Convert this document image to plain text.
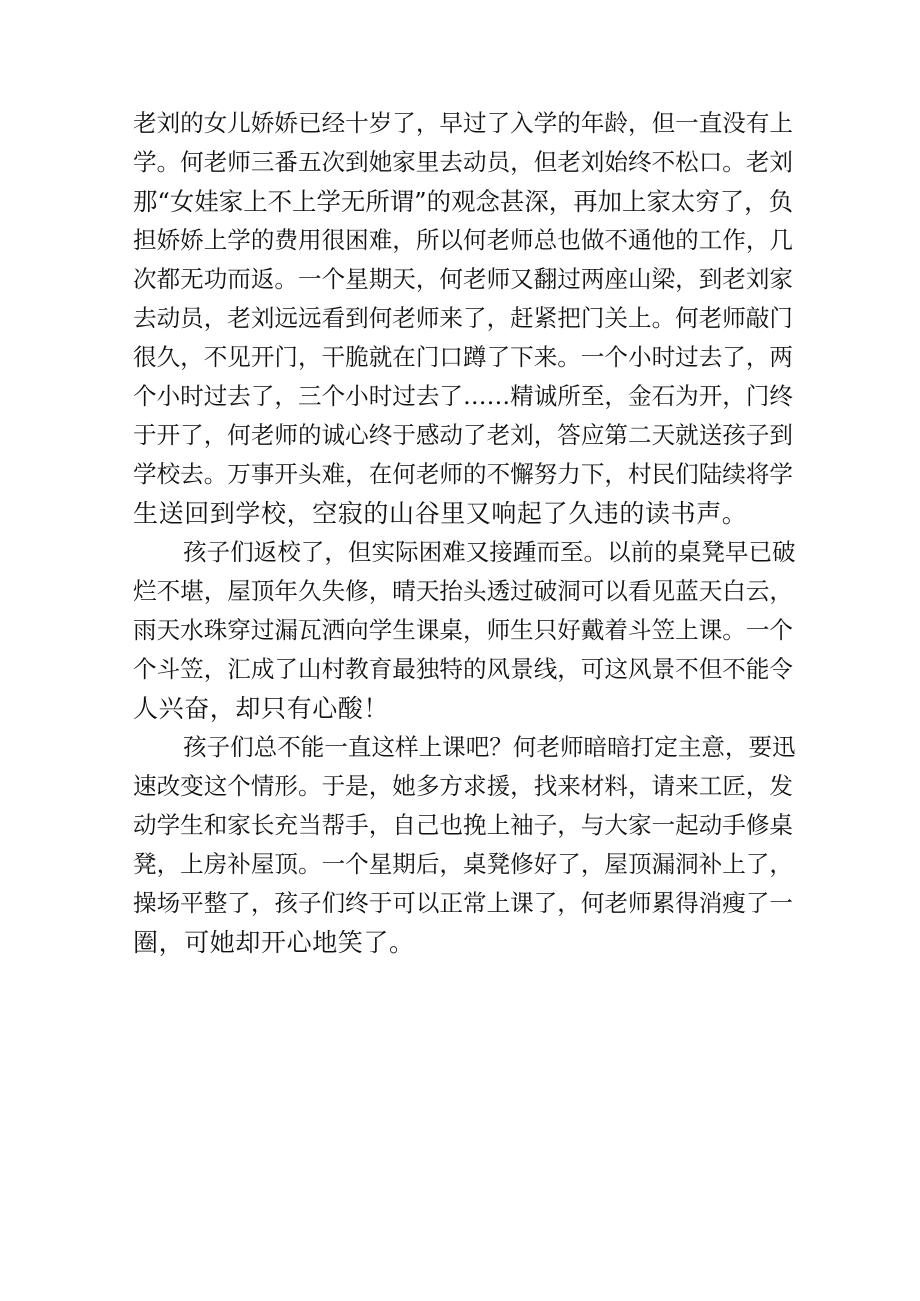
老刘的女儿娇娇已经十岁了，早过了入学的年龄，但一直没有上
学。何老师三番五次到她家里去动员，但老刘始终不松口。老刘
那“女娃家上不上学无所谓”的观念甚深，再加上家太穷了，负
担娇娇上学的费用很困难，所以何老师总也做不通他的工作，几
次都无功而返。一个星期天，何老师又翻过两座山梁，到老刘家
去动员，老刘远远看到何老师来了，赶紧把门关上。何老师敲门
很久，不见开门，干脆就在门口蹲了下来。一个小时过去了，两
个小时过去了，三个小时过去了……精诚所至，金石为开，门终
于开了，何老师的诚心终于感动了老刘，答应第二天就送孩子到
学校去。万事开头难，在何老师的不懈努力下，村民们陆续将学
生送回到学校，空寂的山谷里又响起了久违的读书声。
孩子们返校了，但实际困难又接踵而至。以前的桌凳早已破
烂不堪，屋顶年久失修，晴天抬头透过破洞可以看见蓝天白云，
雨天水珠穿过漏瓦洒向学生课桌，师生只好戴着斗笠上课。一个
个斗笠，汇成了山村教育最独特的风景线，可这风景不但不能令
人兴奋，却只有心酸！
孩子们总不能一直这样上课吧？何老师暗暗打定主意，要迅
速改变这个情形。于是，她多方求援，找来材料，请来工匠，发
动学生和家长充当帮手，自己也挽上袖子，与大家一起动手修桌
凳，上房补屋顶。一个星期后，桌凳修好了，屋顶漏洞补上了，
操场平整了，孩子们终于可以正常上课了，何老师累得消瘦了一
圈，可她却开心地笑了。
